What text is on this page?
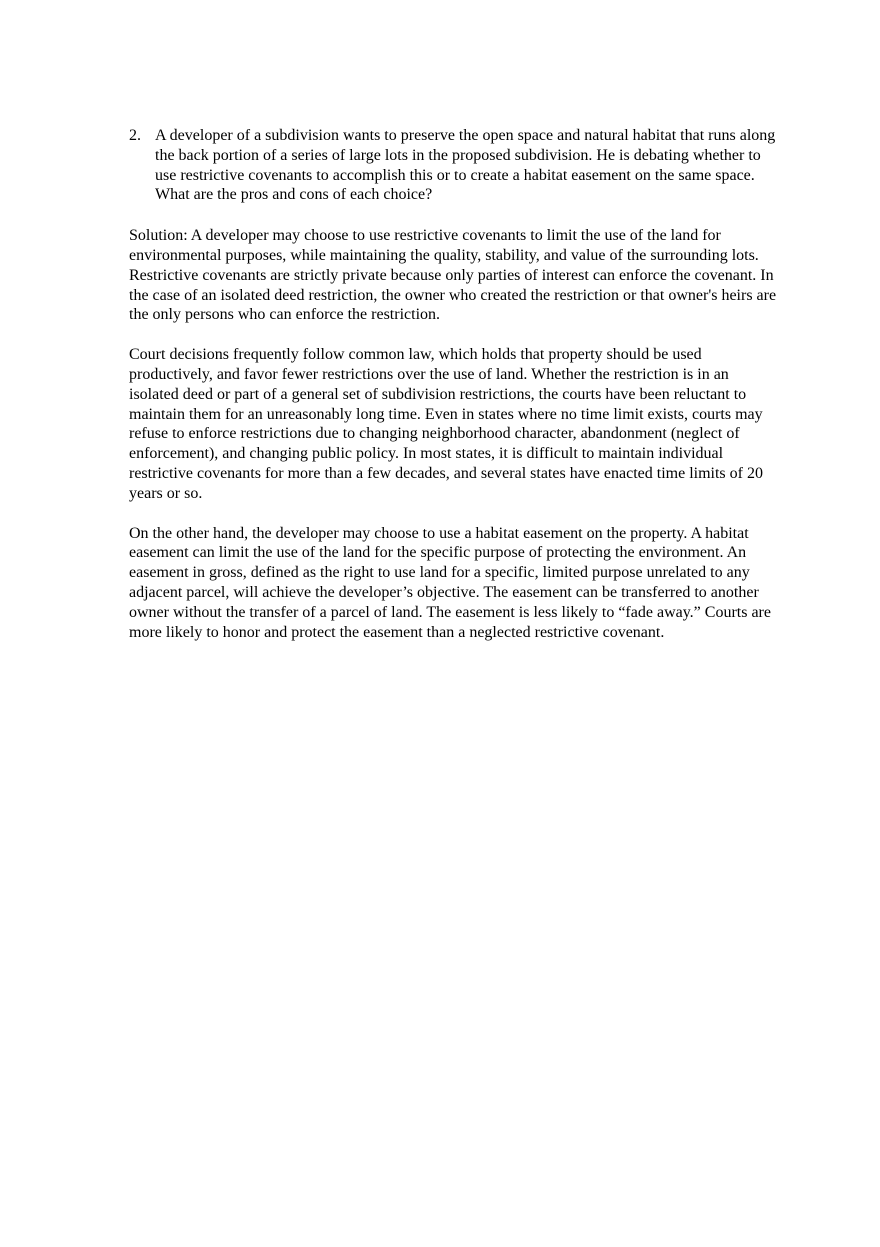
2. A developer of a subdivision wants to preserve the open space and natural habitat that runs along the back portion of a series of large lots in the proposed subdivision. He is debating whether to use restrictive covenants to accomplish this or to create a habitat easement on the same space. What are the pros and cons of each choice?

Solution: A developer may choose to use restrictive covenants to limit the use of the land for environmental purposes, while maintaining the quality, stability, and value of the surrounding lots. Restrictive covenants are strictly private because only parties of interest can enforce the covenant. In the case of an isolated deed restriction, the owner who created the restriction or that owner's heirs are the only persons who can enforce the restriction.

Court decisions frequently follow common law, which holds that property should be used productively, and favor fewer restrictions over the use of land. Whether the restriction is in an isolated deed or part of a general set of subdivision restrictions, the courts have been reluctant to maintain them for an unreasonably long time. Even in states where no time limit exists, courts may refuse to enforce restrictions due to changing neighborhood character, abandonment (neglect of enforcement), and changing public policy. In most states, it is difficult to maintain individual restrictive covenants for more than a few decades, and several states have enacted time limits of 20 years or so.

On the other hand, the developer may choose to use a habitat easement on the property. A habitat easement can limit the use of the land for the specific purpose of protecting the environment. An easement in gross, defined as the right to use land for a specific, limited purpose unrelated to any adjacent parcel, will achieve the developer’s objective. The easement can be transferred to another owner without the transfer of a parcel of land. The easement is less likely to “fade away.” Courts are more likely to honor and protect the easement than a neglected restrictive covenant.
